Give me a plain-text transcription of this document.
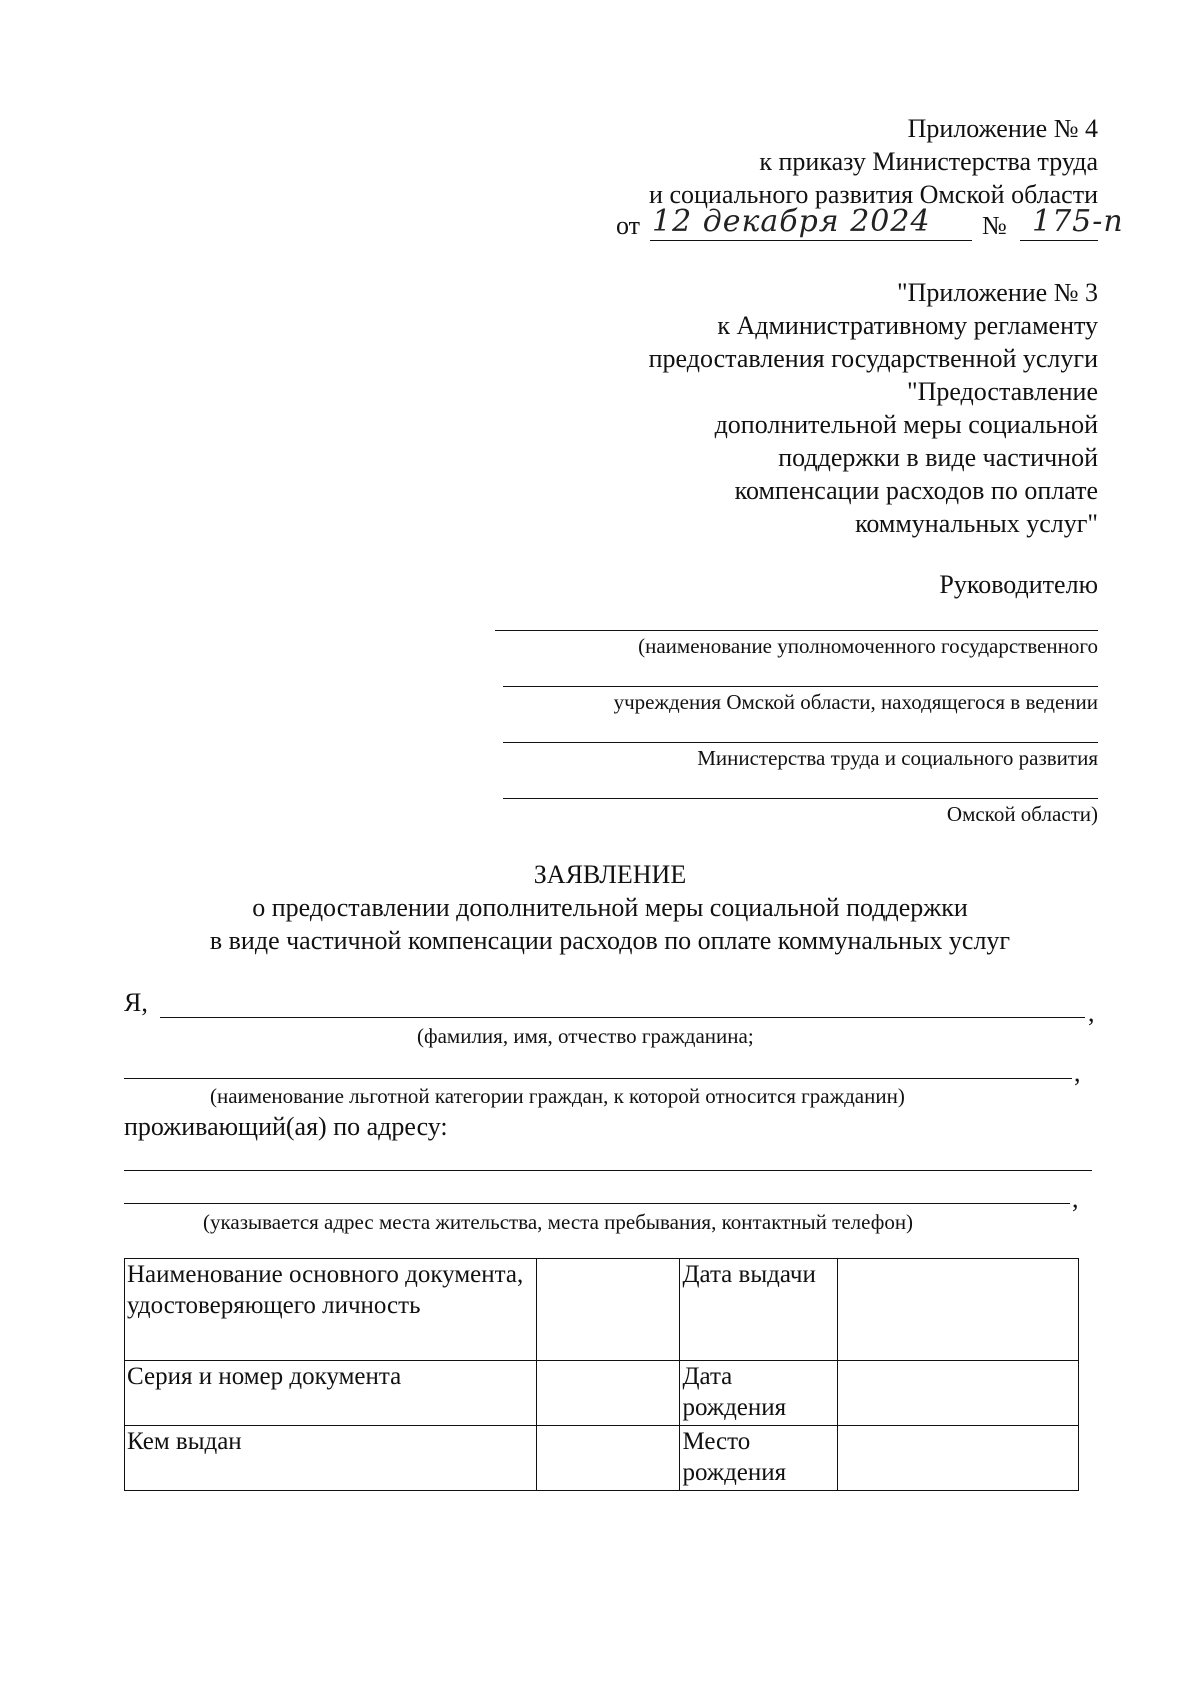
Приложение № 4
к приказу Министерства труда
и социального развития Омской области
от 12 декабря 2024 № 175-п
"Приложение № 3
к Административному регламенту
предоставления государственной услуги
"Предоставление
дополнительной меры социальной
поддержки в виде частичной
компенсации расходов по оплате
коммунальных услуг"
Руководителю
(наименование уполномоченного государственного
учреждения Омской области, находящегося в ведении
Министерства труда и социального развития
Омской области)
ЗАЯВЛЕНИЕ
о предоставлении дополнительной меры социальной поддержки
в виде частичной компенсации расходов по оплате коммунальных услуг
Я,	,
(фамилия, имя, отчество гражданина;
,
(наименование льготной категории граждан, к которой относится гражданин)
проживающий(ая) по адресу:
,
(указывается адрес места жительства, места пребывания, контактный телефон)
Наименование основного документа, удостоверяющего личность		Дата выдачи	
Серия и номер документа		Дата рождения	
Кем выдан		Место рождения	
